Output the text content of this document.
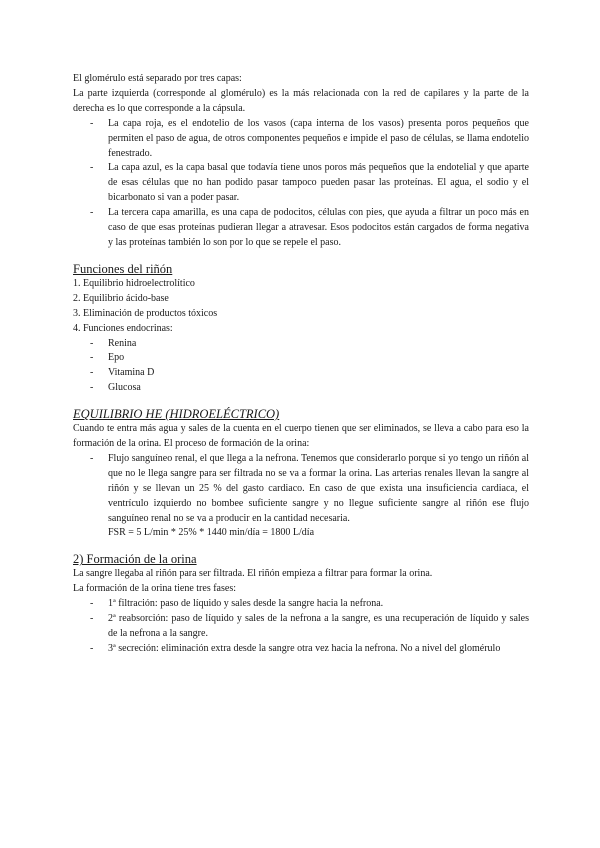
El glomérulo está separado por tres capas:

La parte izquierda (corresponde al glomérulo) es la más relacionada con la red de capilares y la parte de la derecha es lo que corresponde a la cápsula.

- La capa roja, es el endotelio de los vasos (capa interna de los vasos) presenta poros pequeños que permiten el paso de agua, de otros componentes pequeños e impide el paso de células, se llama endotelio fenestrado.
- La capa azul, es la capa basal que todavía tiene unos poros más pequeños que la endotelial y que aparte de esas células que no han podido pasar tampoco pueden pasar las proteínas. El agua, el sodio y el bicarbonato si van a poder pasar.
- La tercera capa amarilla, es una capa de podocitos, células con pies, que ayuda a filtrar un poco más en caso de que esas proteínas pudieran llegar a atravesar. Esos podocitos están cargados de forma negativa y las proteínas también lo son por lo que se repele el paso.
Funciones del riñón
1. Equilibrio hidroelectrolítico
2. Equilibrio ácido-base
3. Eliminación de productos tóxicos
4. Funciones endocrinas:
- Renina
- Epo
- Vitamina D
- Glucosa
EQUILIBRIO HE (HIDROELÉCTRICO)

Cuando te entra más agua y sales de la cuenta en el cuerpo tienen que ser eliminados, se lleva a cabo para eso la formación de la orina. El proceso de formación de la orina:

- Flujo sanguíneo renal, el que llega a la nefrona. Tenemos que considerarlo porque si yo tengo un riñón al que no le llega sangre para ser filtrada no se va a formar la orina. Las arterias renales llevan la sangre al riñón y se llevan un 25 % del gasto cardiaco. En caso de que exista una insuficiencia cardiaca, el ventrículo izquierdo no bombee suficiente sangre y no llegue suficiente sangre al riñón ese flujo sanguíneo renal no se va a producir en la cantidad necesaria.
FSR = 5 L/min * 25% * 1440 min/día = 1800 L/día
2) Formación de la orina

La sangre llegaba al riñón para ser filtrada. El riñón empieza a filtrar para formar la orina.

La formación de la orina tiene tres fases:

- 1ª filtración: paso de líquido y sales desde la sangre hacia la nefrona.
- 2ª reabsorción: paso de líquido y sales de la nefrona a la sangre, es una recuperación de líquido y sales de la nefrona a la sangre.
- 3ª secreción: eliminación extra desde la sangre otra vez hacia la nefrona. No a nivel del glomérulo
